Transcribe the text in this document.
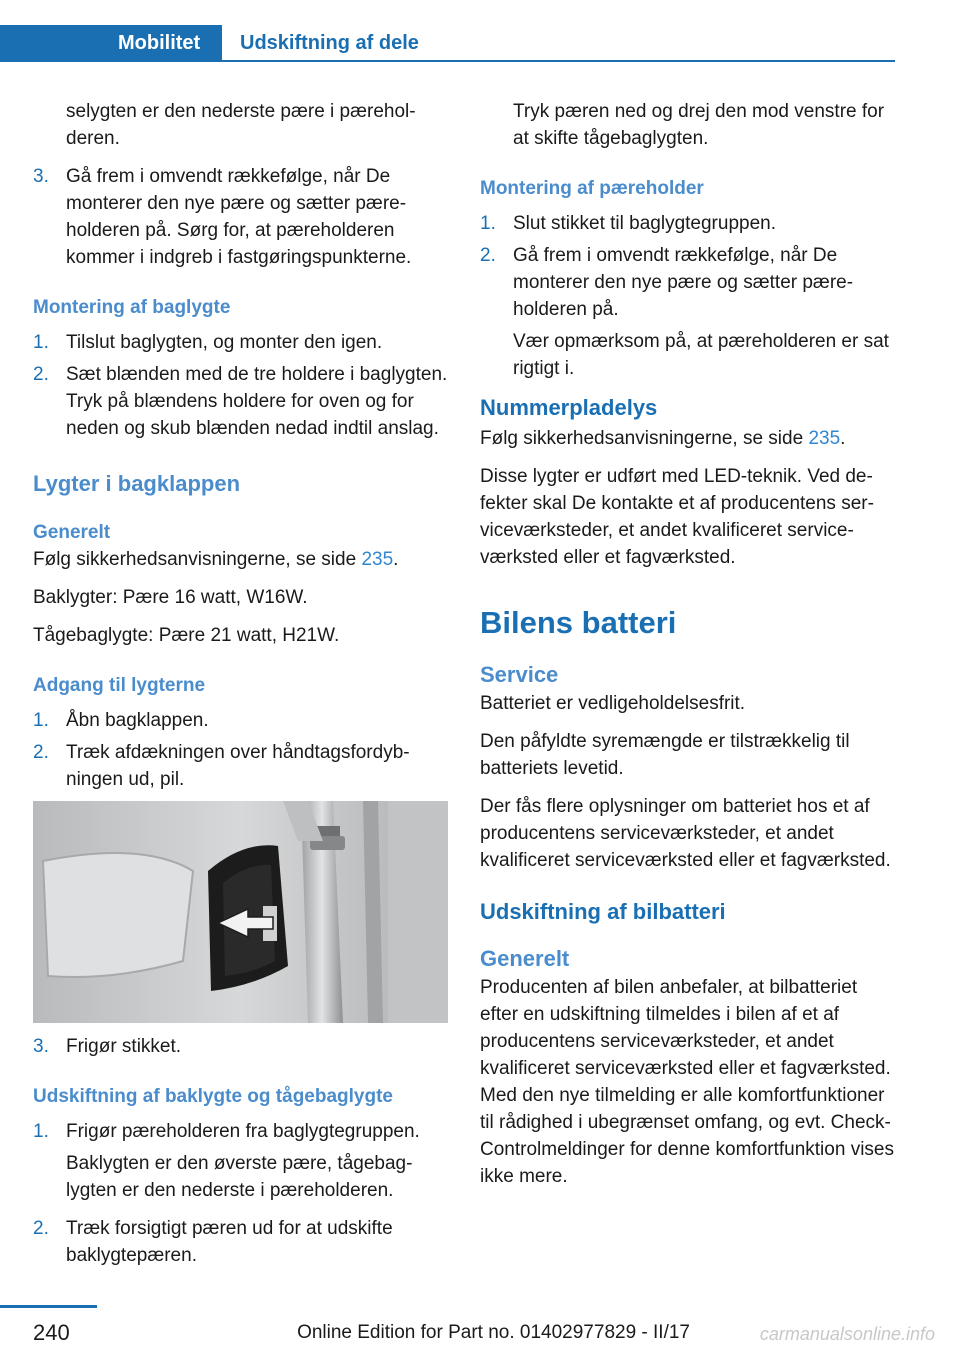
Mobilitet	Udskiftning af dele

selygten er den nederste pære i pæreholderen.

3. Gå frem i omvendt rækkefølge, når De monterer den nye pære og sætter pæreholderen på. Sørg for, at pæreholderen kommer i indgreb i fastgøringspunkterne.

Montering af baglygte

1. Tilslut baglygten, og monter den igen.
2. Sæt blænden med de tre holdere i baglygten. Tryk på blændens holdere for oven og for neden og skub blænden nedad indtil anslag.

Lygter i bagklappen

Generelt

Følg sikkerhedsanvisningerne, se side 235.

Baklygter: Pære 16 watt, W16W.

Tågebaglygte: Pære 21 watt, H21W.

Adgang til lygterne

1. Åbn bagklappen.
2. Træk afdækningen over håndtagsfordybningen ud, pil.
3. Frigør stikket.

Udskiftning af baklygte og tågebaglygte

1. Frigør pæreholderen fra baglygtegruppen.

Baklygten er den øverste pære, tågebaglygten er den nederste i pæreholderen.

2. Træk forsigtigt pæren ud for at udskifte baklygtepæren.

Tryk pæren ned og drej den mod venstre for at skifte tågebaglygten.

Montering af pæreholder

1. Slut stikket til baglygtegruppen.
2. Gå frem i omvendt rækkefølge, når De monterer den nye pære og sætter pæreholderen på.

Vær opmærksom på, at pæreholderen er sat rigtigt i.

Nummerpladelys

Følg sikkerhedsanvisningerne, se side 235.

Disse lygter er udført med LED-teknik. Ved defekter skal De kontakte et af producentens serviceværksteder, et andet kvalificeret serviceværksted eller et fagværksted.

Bilens batteri

Service

Batteriet er vedligeholdelsesfrit.

Den påfyldte syremængde er tilstrækkelig til batteriets levetid.

Der fås flere oplysninger om batteriet hos et af producentens serviceværksteder, et andet kvalificeret serviceværksted eller et fagværksted.

Udskiftning af bilbatteri

Generelt

Producenten af bilen anbefaler, at bilbatteriet efter en udskiftning tilmeldes i bilen af et af producentens serviceværksteder, et andet kvalificeret serviceværksted eller et fagværksted. Med den nye tilmelding er alle komfortfunktioner til rådighed i ubegrænset omfang, og evt. Check-Controlmeldinger for denne komfortfunktion vises ikke mere.

240	Online Edition for Part no. 01402977829 - II/17	carmanualsonline.info
